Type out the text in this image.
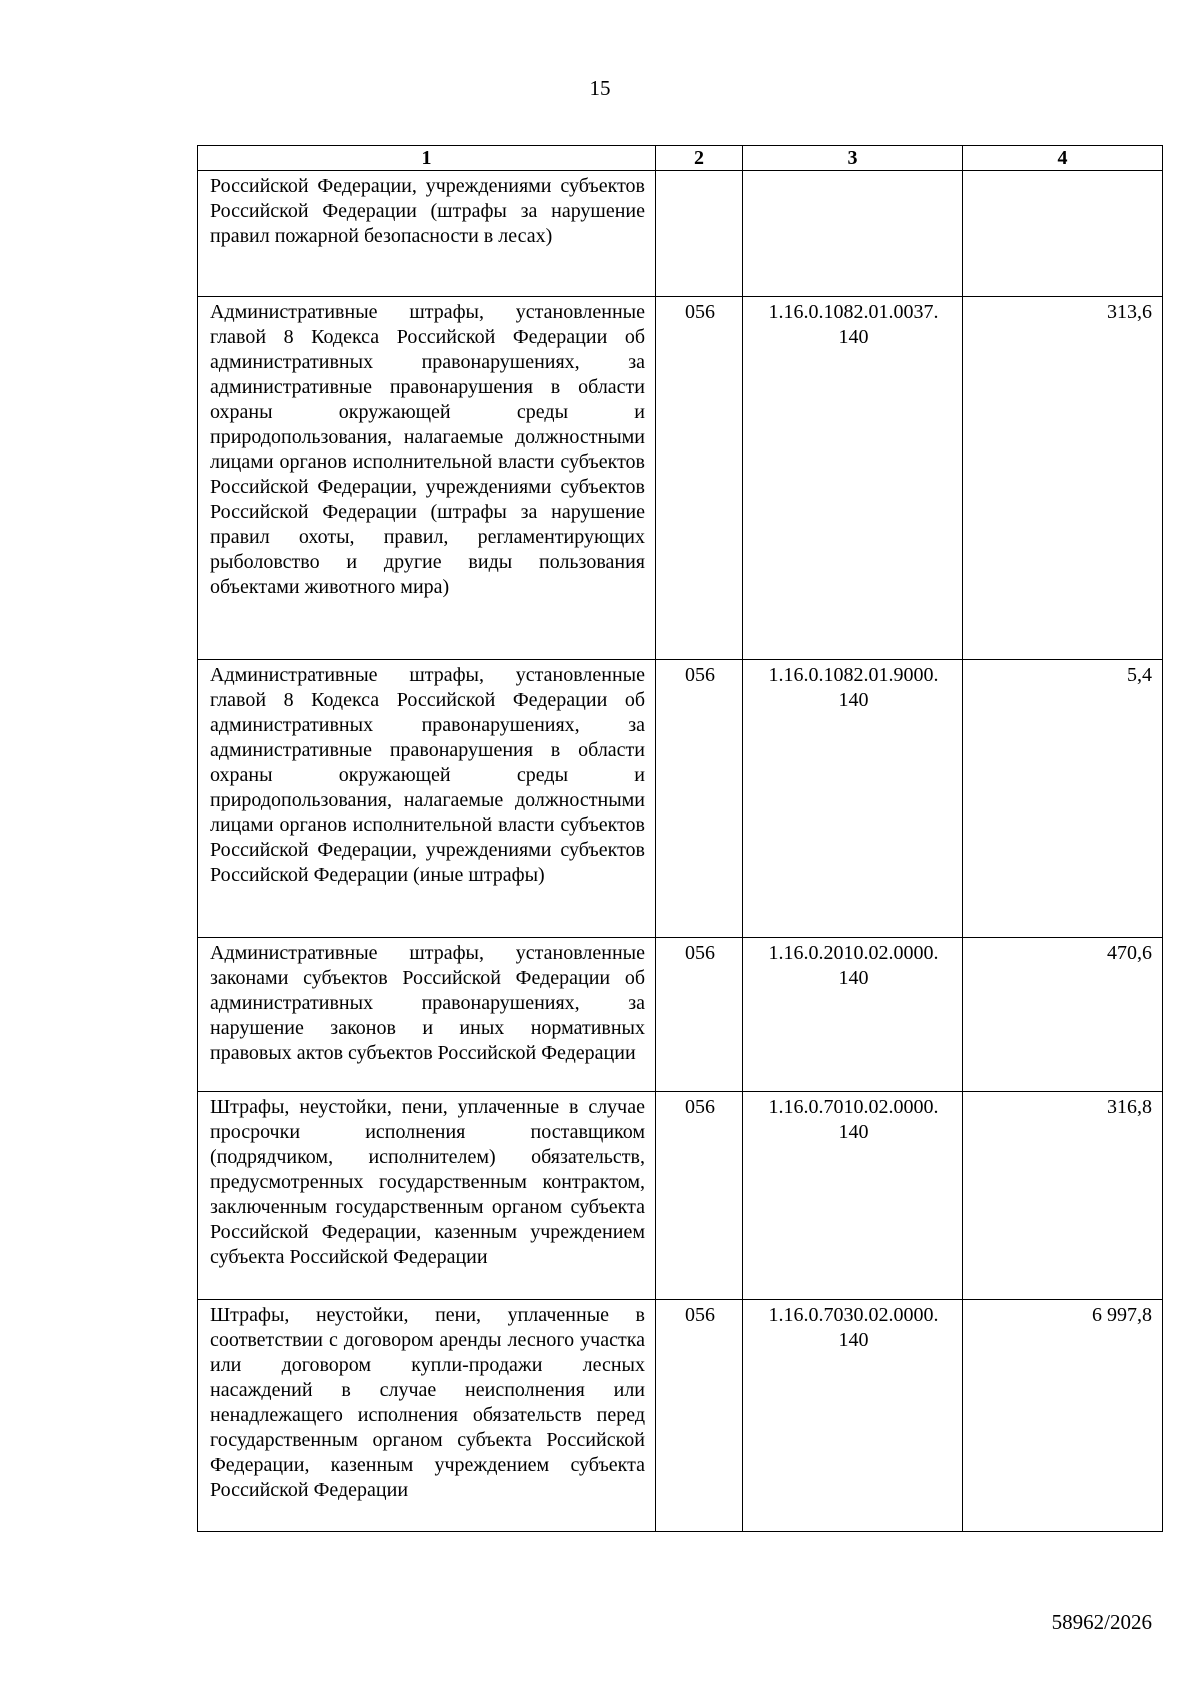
15
1	2	3	4
Российской Федерации, учреждениями субъектов Российской Федерации (штрафы за нарушение правил пожарной безопасности в лесах)			
Административные штрафы, установленные главой 8 Кодекса Российской Федерации об административных правонарушениях, за административные правонарушения в области охраны окружающей среды и природопользования, налагаемые должностными лицами органов исполнительной власти субъектов Российской Федерации, учреждениями субъектов Российской Федерации (штрафы за нарушение правил охоты, правил, регламентирующих рыболовство и другие виды пользования объектами животного мира)	056	1.16.0.1082.01.0037. 140	313,6
Административные штрафы, установленные главой 8 Кодекса Российской Федерации об административных правонарушениях, за административные правонарушения в области охраны окружающей среды и природопользования, налагаемые должностными лицами органов исполнительной власти субъектов Российской Федерации, учреждениями субъектов Российской Федерации (иные штрафы)	056	1.16.0.1082.01.9000. 140	5,4
Административные штрафы, установленные законами субъектов Российской Федерации об административных правонарушениях, за нарушение законов и иных нормативных правовых актов субъектов Российской Федерации	056	1.16.0.2010.02.0000. 140	470,6
Штрафы, неустойки, пени, уплаченные в случае просрочки исполнения поставщиком (подрядчиком, исполнителем) обязательств, предусмотренных государственным контрактом, заключенным государственным органом субъекта Российской Федерации, казенным учреждением субъекта Российской Федерации	056	1.16.0.7010.02.0000. 140	316,8
Штрафы, неустойки, пени, уплаченные в соответствии с договором аренды лесного участка или договором купли-продажи лесных насаждений в случае неисполнения или ненадлежащего исполнения обязательств перед государственным органом субъекта Российской Федерации, казенным учреждением субъекта Российской Федерации	056	1.16.0.7030.02.0000. 140	6 997,8
58962/2026
